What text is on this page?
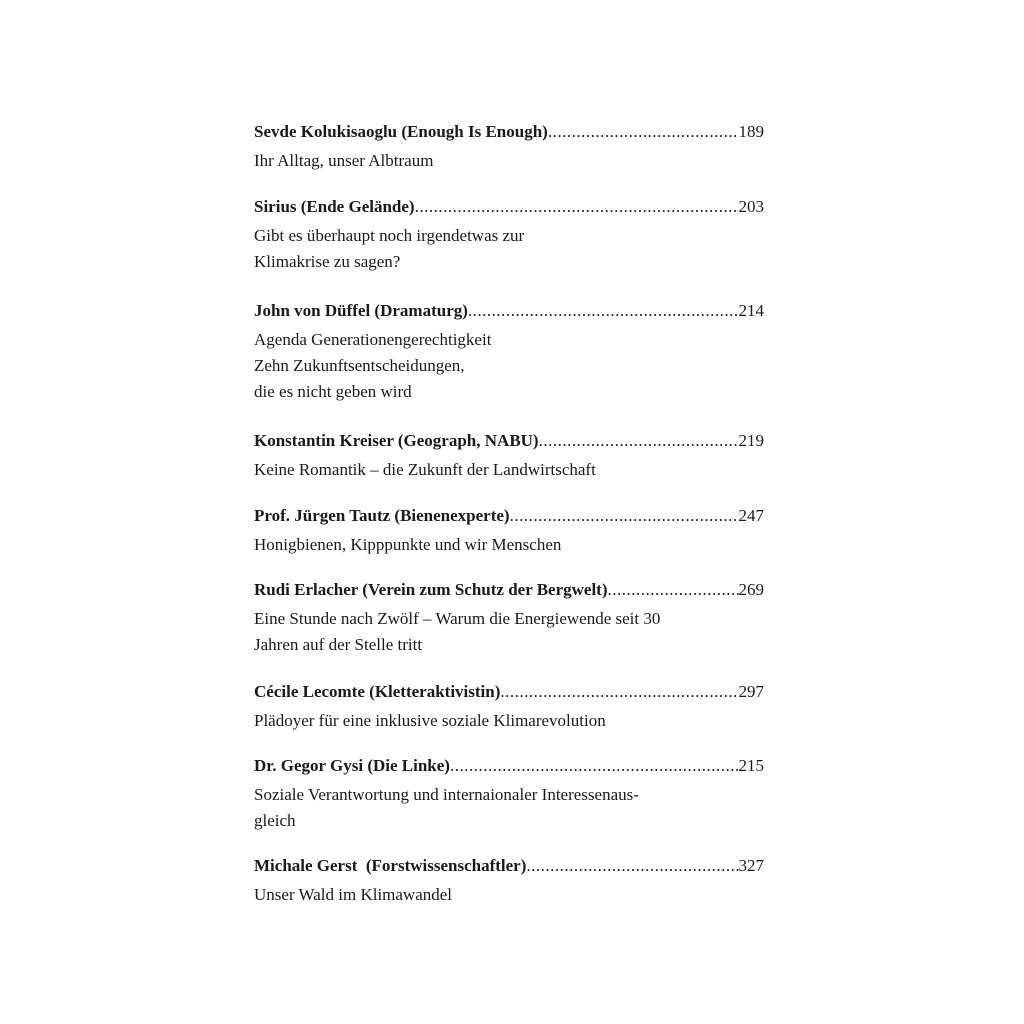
Sevde Kolukisaoglu (Enough Is Enough) .....	189
Ihr Alltag, unser Albtraum
Sirius (Ende Gelände) .....	203
Gibt es überhaupt noch irgendetwas zur
Klimakrise zu sagen?
John von Düffel (Dramaturg) .....	214
Agenda Generationengerechtigkeit
Zehn Zukunftsentscheidungen,
die es nicht geben wird
Konstantin Kreiser (Geograph, NABU) .....	219
Keine Romantik – die Zukunft der Landwirtschaft
Prof. Jürgen Tautz (Bienenexperte) .....	247
Honigbienen, Kipppunkte und wir Menschen
Rudi Erlacher (Verein zum Schutz der Bergwelt) .....	269
Eine Stunde nach Zwölf – Warum die Energiewende seit 30
Jahren auf der Stelle tritt
Cécile Lecomte (Kletteraktivistin) .....	297
Plädoyer für eine inklusive soziale Klimarevolution
Dr. Gegor Gysi (Die Linke) .....	215
Soziale Verantwortung und internaionaler Interessenaus-
gleich
Michale Gerst  (Forstwissenschaftler) .....	327
Unser Wald im Klimawandel
